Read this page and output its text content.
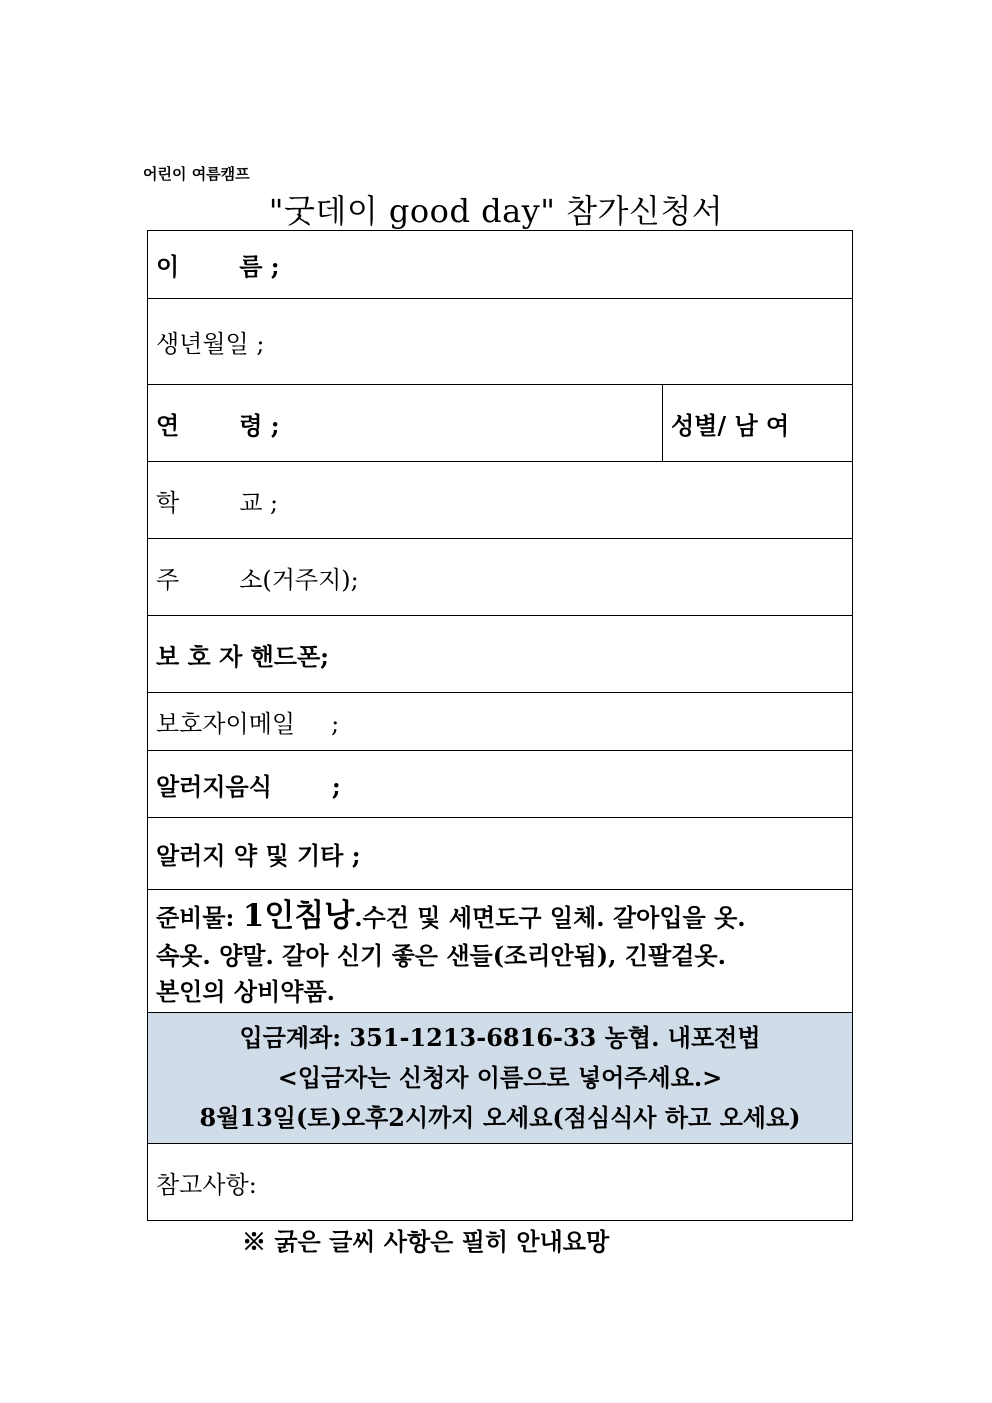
어린이 여름캠프
"굿데이 good day" 참가신청서
이	름 ;
생년월일 ;
연	령 ;	성별/ 남 여
학	교 ;
주	소(거주지);
보 호 자 핸드폰;
보호자이메일 ;
알러지음식	;
알러지 약 및 기타 ;

준비물: 1인침낭.수건 및 세면도구 일체. 갈아입을 옷.
속옷. 양말. 갈아 신기 좋은 샌들(조리안됨), 긴팔겉옷.
본인의 상비약품.

입금계좌: 351-1213-6816-33 농협. 내포전법
<입금자는 신청자 이름으로 넣어주세요.>
8월13일(토)오후2시까지 오세요(점심식사 하고 오세요)

참고사항:
※ 굵은 글씨 사항은 필히 안내요망
